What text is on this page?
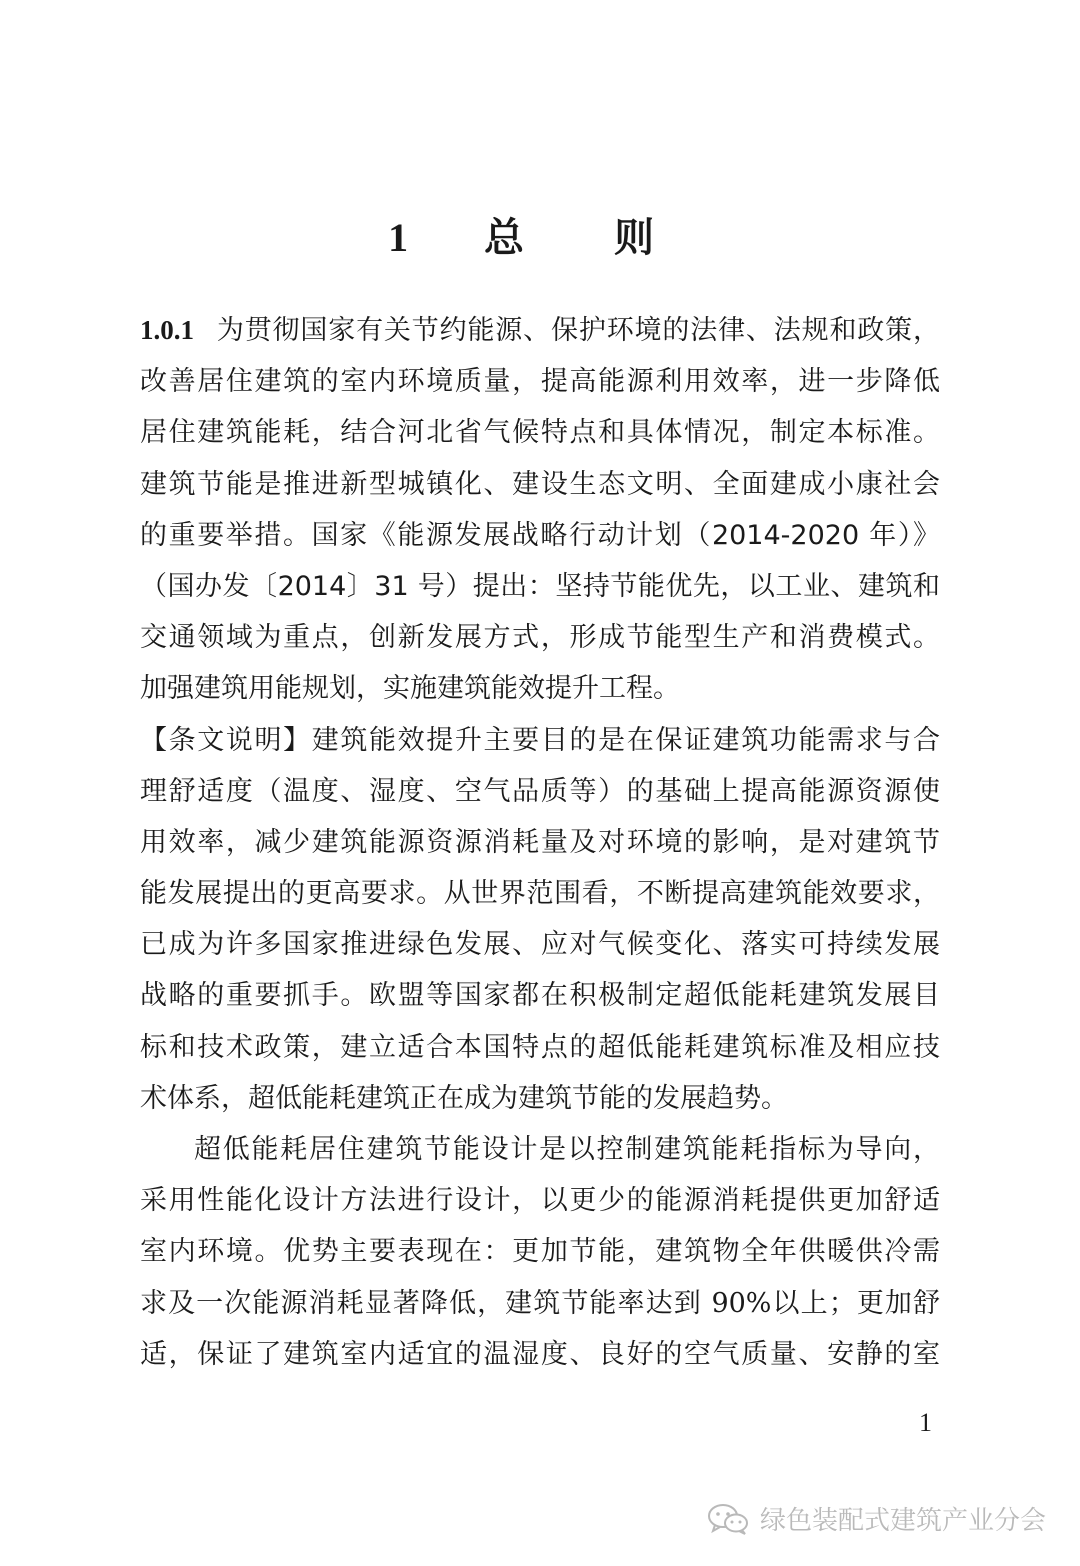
1 总 则
1.0.1 为贯彻国家有关节约能源、保护环境的法律、法规和政策，
改善居住建筑的室内环境质量，提高能源利用效率，进一步降低
居住建筑能耗，结合河北省气候特点和具体情况，制定本标准。
建筑节能是推进新型城镇化、建设生态文明、全面建成小康社会
的重要举措。国家《能源发展战略行动计划（2014-2020 年）》
（国办发〔2014〕31 号）提出：坚持节能优先，以工业、建筑和
交通领域为重点，创新发展方式，形成节能型生产和消费模式。
加强建筑用能规划，实施建筑能效提升工程。
【条文说明】建筑能效提升主要目的是在保证建筑功能需求与合
理舒适度（温度、湿度、空气品质等）的基础上提高能源资源使
用效率，减少建筑能源资源消耗量及对环境的影响，是对建筑节
能发展提出的更高要求。从世界范围看，不断提高建筑能效要求，
已成为许多国家推进绿色发展、应对气候变化、落实可持续发展
战略的重要抓手。欧盟等国家都在积极制定超低能耗建筑发展目
标和技术政策，建立适合本国特点的超低能耗建筑标准及相应技
术体系，超低能耗建筑正在成为建筑节能的发展趋势。
超低能耗居住建筑节能设计是以控制建筑能耗指标为导向，
采用性能化设计方法进行设计，以更少的能源消耗提供更加舒适
室内环境。优势主要表现在：更加节能，建筑物全年供暖供冷需
求及一次能源消耗显著降低，建筑节能率达到 90%以上；更加舒
适，保证了建筑室内适宜的温湿度、良好的空气质量、安静的室
1
绿色装配式建筑产业分会
